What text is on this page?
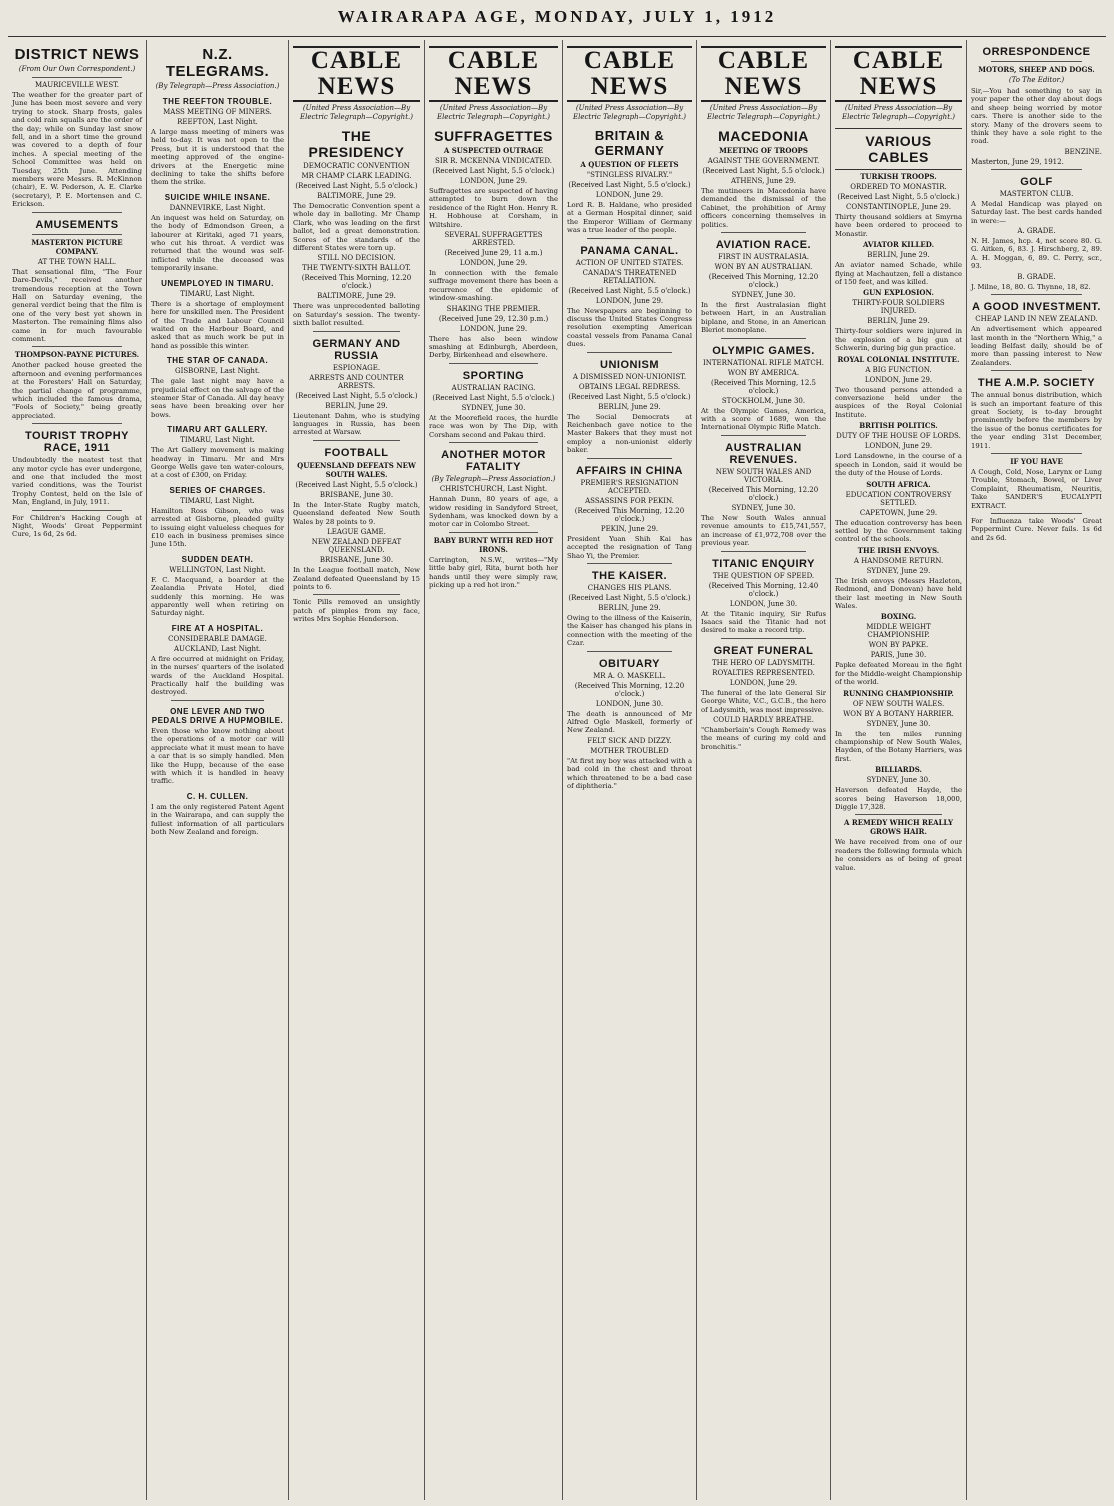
WAIRARAPA AGE, MONDAY, JULY 1, 1912
DISTRICT NEWS
(From Our Own Correspondent.)
MAURICEVILLE WEST.
The weather for the greater part of June has been most severe and very trying to stock. Sharp frosts, gales and cold rain squalls are the order of the day; while on Sunday last snow fell, and in a short time the ground was covered to a depth of four inches. A special meeting of the School Committee was held on Tuesday, 25th June. Attending members were Messrs. R. McKinnon (chair), E. W. Pederson, A. E. Clarke (secretary), P. E. Mortensen and C. Erickson.
AMUSEMENTS
MASTERTON PICTURE COMPANY.
AT THE TOWN HALL.
That sensational film, "The Four Dare-Devils," received another tremendous reception at the Town Hall on Saturday evening, the general verdict being that the film is one of the very best yet shown in Masterton. The remaining films also came in for much favourable comment.
THOMPSON-PAYNE PICTURES.
Another packed house greeted the afternoon and evening performances at the Foresters' Hall on Saturday, the partial change of programme, which included the famous drama, "Fools of Society," being greatly appreciated.
TOURIST TROPHY RACE, 1911
Undoubtedly the neatest test that any motor cycle has ever undergone, and one that included the most varied conditions, was the Tourist Trophy Contest, held on the Isle of Man, England, in July, 1911.
For Children's Hacking Cough at Night, Woods' Great Peppermint Cure, 1s 6d, 2s 6d.
N.Z. TELEGRAMS.
(By Telegraph—Press Association.)
THE REEFTON TROUBLE.
MASS MEETING OF MINERS.
REEFTON, Last Night.
A large mass meeting of miners was held to-day. It was not open to the Press, but it is understood that the meeting approved of the engine-drivers at the Energetic mine declining to take the shifts before them the strike.
SUICIDE WHILE INSANE.
DANNEVIRKE, Last Night.
An inquest was held on Saturday, on the body of Edmondson Green, a labourer at Kiritaki, aged 71 years, who cut his throat. A verdict was returned that the wound was self-inflicted while the deceased was temporarily insane.
UNEMPLOYED IN TIMARU.
TIMARU, Last Night.
There is a shortage of employment here for unskilled men. The President of the Trade and Labour Council waited on the Harbour Board, and asked that as much work be put in hand as possible this winter.
THE STAR OF CANADA.
GISBORNE, Last Night.
The gale last night may have a prejudicial effect on the salvage of the steamer Star of Canada. All day heavy seas have been breaking over her bows.
TIMARU ART GALLERY.
TIMARU, Last Night.
The Art Gallery movement is making headway in Timaru. Mr and Mrs George Wells gave ten water-colours, at a cost of £300, on Friday.
SERIES OF CHARGES.
TIMARU, Last Night.
Hamilton Ross Gibson, who was arrested at Gisborne, pleaded guilty to issuing eight valueless cheques for £10 each in business premises since June 15th.
SUDDEN DEATH.
WELLINGTON, Last Night.
F. C. Macquand, a boarder at the Zealandia Private Hotel, died suddenly this morning. He was apparently well when retiring on Saturday night.
FIRE AT A HOSPITAL.
CONSIDERABLE DAMAGE.
AUCKLAND, Last Night.
A fire occurred at midnight on Friday, in the nurses' quarters of the isolated wards of the Auckland Hospital. Practically half the building was destroyed.
ONE LEVER AND TWO PEDALS DRIVE A HUPMOBILE.
Even those who know nothing about the operations of a motor car will appreciate what it must mean to have a car that is so simply handled. Men like the Hupp, because of the ease with which it is handled in heavy traffic.
C. H. CULLEN.
I am the only registered Patent Agent in the Wairarapa, and can supply the fullest information of all particulars both New Zealand and foreign.
CABLE NEWS
(United Press Association—By Electric Telegraph—Copyright.)
THE PRESIDENCY
DEMOCRATIC CONVENTION
MR CHAMP CLARK LEADING.
(Received Last Night, 5.5 o'clock.)
BALTIMORE, June 29.
The Democratic Convention spent a whole day in balloting. Mr Champ Clark, who was leading on the first ballot, led a great demonstration. Scores of the standards of the different States were torn up.
STILL NO DECISION.
THE TWENTY-SIXTH BALLOT.
(Received This Morning, 12.20 o'clock.)
BALTIMORE, June 29.
There was unprecedented balloting on Saturday's session. The twenty-sixth ballot resulted.
GERMANY AND RUSSIA
ESPIONAGE.
ARRESTS AND COUNTER ARRESTS.
(Received Last Night, 5.5 o'clock.)
BERLIN, June 29.
Lieutenant Dahm, who is studying languages in Russia, has been arrested at Warsaw.
FOOTBALL
QUEENSLAND DEFEATS NEW SOUTH WALES.
(Received Last Night, 5.5 o'clock.)
BRISBANE, June 30.
In the Inter-State Rugby match, Queensland defeated New South Wales by 28 points to 9.
LEAGUE GAME.
NEW ZEALAND DEFEAT QUEENSLAND.
BRISBANE, June 30.
In the League football match, New Zealand defeated Queensland by 15 points to 6.
Tonic Pills removed an unsightly patch of pimples from my face, writes Mrs Sophie Henderson.
CABLE NEWS
(United Press Association—By Electric Telegraph—Copyright.)
SUFFRAGETTES
A SUSPECTED OUTRAGE
SIR R. MCKENNA VINDICATED.
(Received Last Night, 5.5 o'clock.)
LONDON, June 29.
Suffragettes are suspected of having attempted to burn down the residence of the Right Hon. Henry R. H. Hobhouse at Corsham, in Wiltshire.
SEVERAL SUFFRAGETTES ARRESTED.
(Received June 29, 11 a.m.)
LONDON, June 29.
In connection with the female suffrage movement there has been a recurrence of the epidemic of window-smashing.
SHAKING THE PREMIER.
(Received June 29, 12.30 p.m.)
LONDON, June 29.
There has also been window smashing at Edinburgh, Aberdeen, Derby, Birkenhead and elsewhere.
SPORTING
AUSTRALIAN RACING.
(Received Last Night, 5.5 o'clock.)
SYDNEY, June 30.
At the Moorefield races, the hurdle race was won by The Dip, with Corsham second and Pakau third.
ANOTHER MOTOR FATALITY
(By Telegraph—Press Association.)
CHRISTCHURCH, Last Night.
Hannah Dunn, 80 years of age, a widow residing in Sandyford Street, Sydenham, was knocked down by a motor car in Colombo Street.
BABY BURNT WITH RED HOT IRONS.
Carrington, N.S.W., writes—"My little baby girl, Rita, burnt both her hands until they were simply raw, picking up a red hot iron."
CABLE NEWS
(United Press Association—By Electric Telegraph—Copyright.)
BRITAIN & GERMANY
A QUESTION OF FLEETS
"STINGLESS RIVALRY."
(Received Last Night, 5.5 o'clock.)
LONDON, June 29.
Lord R. B. Haldane, who presided at a German Hospital dinner, said the Emperor William of Germany was a true leader of the people.
PANAMA CANAL.
ACTION OF UNITED STATES.
CANADA'S THREATENED RETALIATION.
(Received Last Night, 5.5 o'clock.)
LONDON, June 29.
The Newspapers are beginning to discuss the United States Congress resolution exempting American coastal vessels from Panama Canal dues.
UNIONISM
A DISMISSED NON-UNIONIST.
OBTAINS LEGAL REDRESS.
(Received Last Night, 5.5 o'clock.)
BERLIN, June 29.
The Social Democrats at Reichenbach gave notice to the Master Bakers that they must not employ a non-unionist elderly baker.
AFFAIRS IN CHINA
PREMIER'S RESIGNATION ACCEPTED.
ASSASSINS FOR PEKIN.
(Received This Morning, 12.20 o'clock.)
PEKIN, June 29.
President Yuan Shih Kai has accepted the resignation of Tang Shao Yi, the Premier.
THE KAISER.
CHANGES HIS PLANS.
(Received Last Night, 5.5 o'clock.)
BERLIN, June 29.
Owing to the illness of the Kaiserin, the Kaiser has changed his plans in connection with the meeting of the Czar.
OBITUARY
MR A. O. MASKELL.
(Received This Morning, 12.20 o'clock.)
LONDON, June 30.
The death is announced of Mr Alfred Ogle Maskell, formerly of New Zealand.
FELT SICK AND DIZZY.
MOTHER TROUBLED
"At first my boy was attacked with a bad cold in the chest and throat which threatened to be a bad case of diphtheria."
CABLE NEWS
(United Press Association—By Electric Telegraph—Copyright.)
MACEDONIA
MEETING OF TROOPS
AGAINST THE GOVERNMENT.
(Received Last Night, 5.5 o'clock.)
ATHENS, June 29.
The mutineers in Macedonia have demanded the dismissal of the Cabinet, the prohibition of Army officers concerning themselves in politics.
AVIATION RACE.
FIRST IN AUSTRALASIA.
WON BY AN AUSTRALIAN.
(Received This Morning, 12.20 o'clock.)
SYDNEY, June 30.
In the first Australasian flight between Hart, in an Australian biplane, and Stone, in an American Bleriot monoplane.
OLYMPIC GAMES.
INTERNATIONAL RIFLE MATCH.
WON BY AMERICA.
(Received This Morning, 12.5 o'clock.)
STOCKHOLM, June 30.
At the Olympic Games, America, with a score of 1689, won the International Olympic Rifle Match.
AUSTRALIAN REVENUES.
NEW SOUTH WALES AND VICTORIA.
(Received This Morning, 12.20 o'clock.)
SYDNEY, June 30.
The New South Wales annual revenue amounts to £15,741,557, an increase of £1,972,708 over the previous year.
TITANIC ENQUIRY
THE QUESTION OF SPEED.
(Received This Morning, 12.40 o'clock.)
LONDON, June 30.
At the Titanic inquiry, Sir Rufus Isaacs said the Titanic had not desired to make a record trip.
GREAT FUNERAL
THE HERO OF LADYSMITH.
ROYALTIES REPRESENTED.
LONDON, June 29.
The funeral of the late General Sir George White, V.C., G.C.B., the hero of Ladysmith, was most impressive.
COULD HARDLY BREATHE.
"Chamberlain's Cough Remedy was the means of curing my cold and bronchitis."
CABLE NEWS
(United Press Association—By Electric Telegraph—Copyright.)
VARIOUS CABLES
TURKISH TROOPS.
ORDERED TO MONASTIR.
(Received Last Night, 5.5 o'clock.)
CONSTANTINOPLE, June 29.
Thirty thousand soldiers at Smyrna have been ordered to proceed to Monastir.
AVIATOR KILLED.
BERLIN, June 29.
An aviator named Schade, while flying at Machautzen, fell a distance of 150 feet, and was killed.
GUN EXPLOSION.
THIRTY-FOUR SOLDIERS INJURED.
BERLIN, June 29.
Thirty-four soldiers were injured in the explosion of a big gun at Schwerin, during big gun practice.
ROYAL COLONIAL INSTITUTE.
A BIG FUNCTION.
LONDON, June 29.
Two thousand persons attended a conversazione held under the auspices of the Royal Colonial Institute.
BRITISH POLITICS.
DUTY OF THE HOUSE OF LORDS.
LONDON, June 29.
Lord Lansdowne, in the course of a speech in London, said it would be the duty of the House of Lords.
SOUTH AFRICA.
EDUCATION CONTROVERSY SETTLED.
CAPETOWN, June 29.
The education controversy has been settled by the Government taking control of the schools.
THE IRISH ENVOYS.
A HANDSOME RETURN.
SYDNEY, June 29.
The Irish envoys (Messrs Hazleton, Redmond, and Donovan) have held their last meeting in New South Wales.
BOXING.
MIDDLE WEIGHT CHAMPIONSHIP.
WON BY PAPKE.
PARIS, June 30.
Papke defeated Moreau in the fight for the Middle-weight Championship of the world.
RUNNING CHAMPIONSHIP.
OF NEW SOUTH WALES.
WON BY A BOTANY HARRIER.
SYDNEY, June 30.
In the ten miles running championship of New South Wales, Hayden, of the Botany Harriers, was first.
BILLIARDS.
SYDNEY, June 30.
Haverson defeated Hayde, the scores being Haverson 18,000, Diggle 17,328.
A REMEDY WHICH REALLY GROWS HAIR.
We have received from one of our readers the following formula which he considers as of being of great value.
ORRESPONDENCE
MOTORS, SHEEP AND DOGS.
(To The Editor.)
Sir,—You had something to say in your paper the other day about dogs and sheep being worried by motor cars. There is another side to the story. Many of the drovers seem to think they have a sole right to the road.
BENZINE.
Masterton, June 29, 1912.
GOLF
MASTERTON CLUB.
A Medal Handicap was played on Saturday last. The best cards handed in were:—
A. GRADE.
N. H. James, hcp. 4, net score 80. G. G. Aitken, 6, 83. J. Hirschberg, 2, 89. A. H. Moggan, 6, 89. C. Perry, scr., 93.
B. GRADE.
J. Milne, 18, 80. G. Thynne, 18, 82.
A GOOD INVESTMENT.
CHEAP LAND IN NEW ZEALAND.
An advertisement which appeared last month in the "Northern Whig," a leading Belfast daily, should be of more than passing interest to New Zealanders.
THE A.M.P. SOCIETY
The annual bonus distribution, which is such an important feature of this great Society, is to-day brought prominently before the members by the issue of the bonus certificates for the year ending 31st December, 1911.
IF YOU HAVE
A Cough, Cold, Nose, Larynx or Lung Trouble, Stomach, Bowel, or Liver Complaint, Rheumatism, Neuritis, Take SANDER'S EUCALYPTI EXTRACT.
For Influenza take Woods' Great Peppermint Cure. Never fails. 1s 6d and 2s 6d.
